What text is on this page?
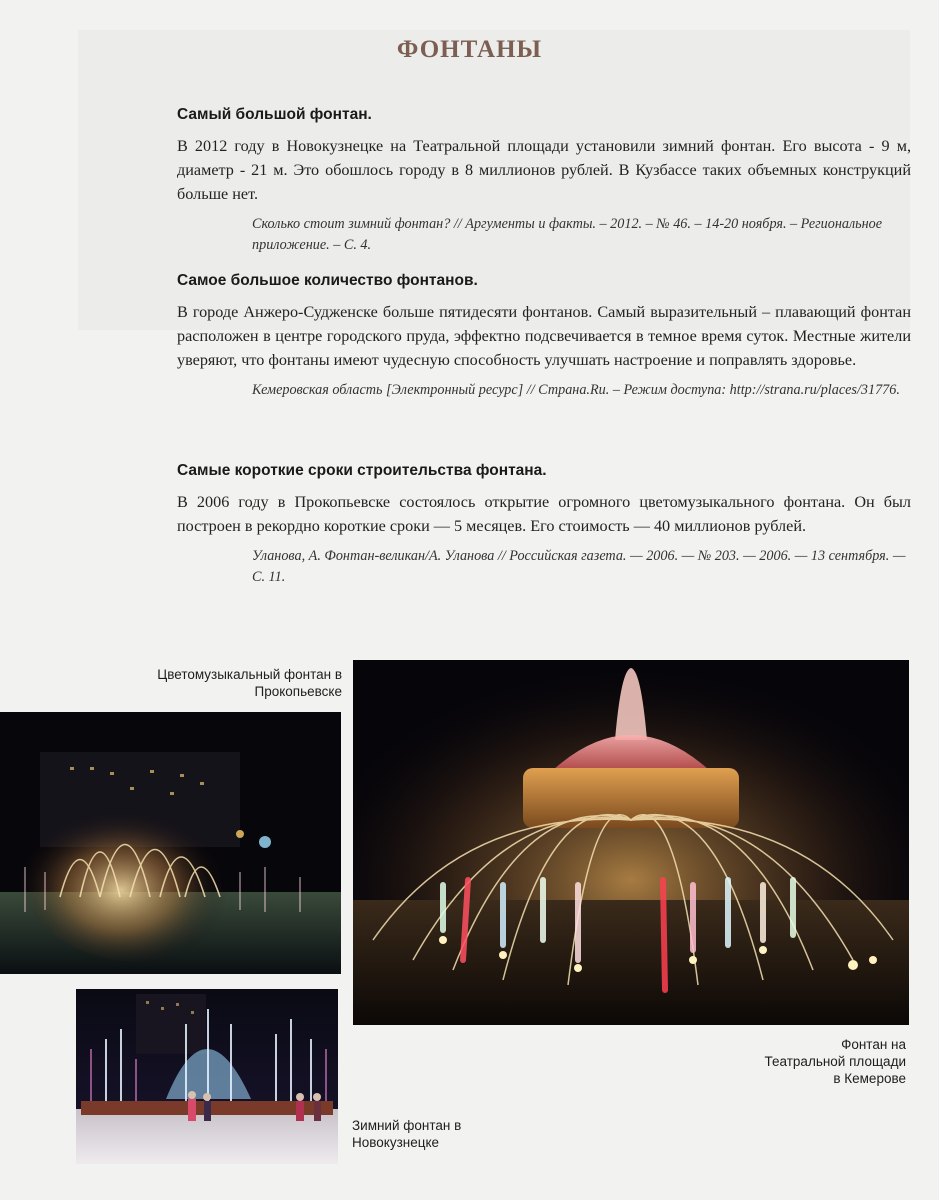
ФОНТАНЫ
Самый большой фонтан.

В 2012 году в Новокузнецке на Театральной площади установили зимний фонтан. Его высота - 9 м, диаметр - 21 м. Это обошлось городу в 8 миллионов рублей. В Кузбассе таких объемных конструкций больше нет.

Сколько стоит зимний фонтан? // Аргументы и факты. – 2012. – № 46. – 14-20 ноября. – Региональное приложение. – С. 4.

Самое большое количество фонтанов.

В городе Анжеро-Судженске больше пятидесяти фонтанов. Самый выразительный – плавающий фонтан расположен в центре городского пруда, эффектно подсвечивается в темное время суток. Местные жители уверяют, что фонтаны имеют чудесную способность улучшать настроение и поправлять здоровье.

Кемеровская область [Электронный ресурс] // Страна.Ru. – Режим доступа: http://strana.ru/places/31776.

Самые короткие сроки строительства фонтана.

В 2006 году в Прокопьевске состоялось открытие огромного цветомузыкального фонтана. Он был построен в рекордно короткие сроки — 5 месяцев. Его стоимость — 40 миллионов рублей.

Уланова, А. Фонтан-великан/А. Уланова // Российская газета. — 2006. — № 203. — 2006. — 13 сентября. — С. 11.

Цветомузыкальный фонтан в Прокопьевске
Фонтан на Театральной площади в Кемерове
Зимний фонтан в Новокузнецке
